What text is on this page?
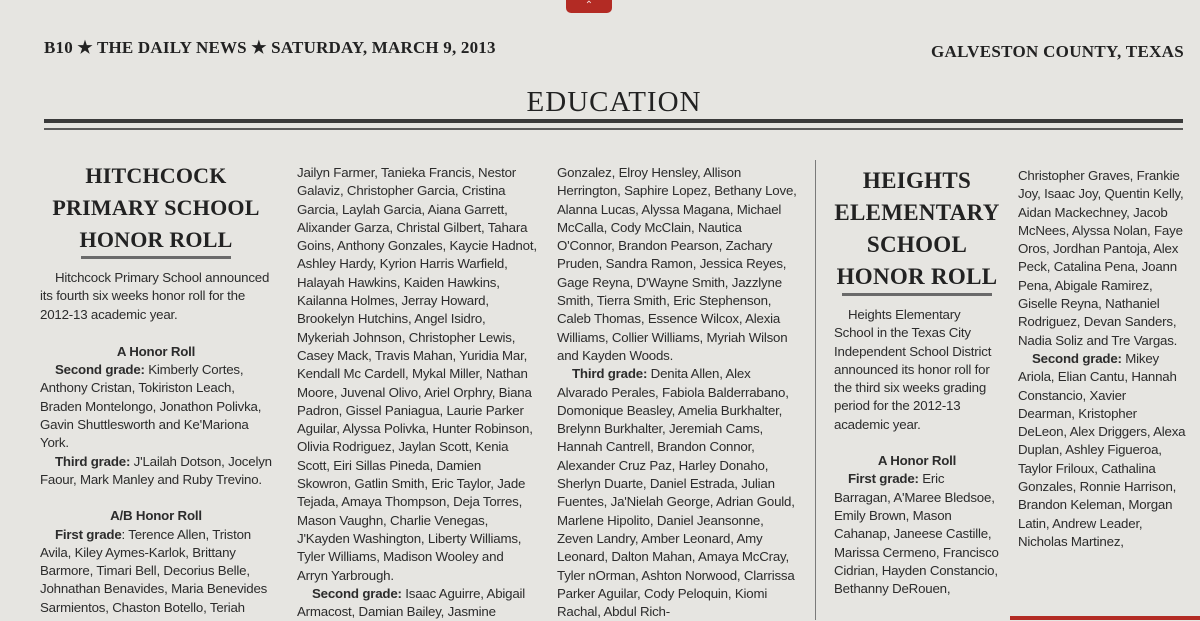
⌃
B10 ★ THE DAILY NEWS ★ SATURDAY, MARCH 9, 2013	GALVESTON COUNTY, TEXAS
EDUCATION
HITCHCOCK
PRIMARY SCHOOL
HONOR ROLL

Hitchcock Primary School announced its fourth six weeks honor roll for the 2012-13 academic year.

A Honor Roll

Second grade: Kimberly Cortes, Anthony Cristan, Tokiriston Leach, Braden Montelongo, Jonathon Polivka, Gavin Shuttlesworth and Ke'Mariona York.

Third grade: J'Lailah Dotson, Jocelyn Faour, Mark Manley and Ruby Trevino.

A/B Honor Roll

First grade: Terence Allen, Triston Avila, Kiley Aymes-Karlok, Brittany Barmore, Timari Bell, Decorius Belle, Johnathan Benavides, Maria Benevides Sarmientos, Chaston Botello, Teriah

Jailyn Farmer, Tanieka Francis, Nestor Galaviz, Christopher Garcia, Cristina Garcia, Laylah Garcia, Aiana Garrett, Alixander Garza, Christal Gilbert, Tahara Goins, Anthony Gonzales, Kaycie Hadnot, Ashley Hardy, Kyrion Harris Warfield, Halayah Hawkins, Kaiden Hawkins, Kailanna Holmes, Jerray Howard, Brookelyn Hutchins, Angel Isidro, Mykeriah Johnson, Christopher Lewis, Casey Mack, Travis Mahan, Yuridia Mar, Kendall Mc Cardell, Mykal Miller, Nathan Moore, Juvenal Olivo, Ariel Orphry, Biana Padron, Gissel Paniagua, Laurie Parker Aguilar, Alyssa Polivka, Hunter Robinson, Olivia Rodriguez, Jaylan Scott, Kenia Scott, Eiri Sillas Pineda, Damien Skowron, Gatlin Smith, Eric Taylor, Jade Tejada, Amaya Thompson, Deja Torres, Mason Vaughn, Charlie Venegas, J'Kayden Washington, Liberty Williams, Tyler Williams, Madison Wooley and Arryn Yarbrough.

Second grade: Isaac Aguirre, Abigail Armacost, Damian Bailey, Jasmine

Gonzalez, Elroy Hensley, Allison Herrington, Saphire Lopez, Bethany Love, Alanna Lucas, Alyssa Magana, Michael McCalla, Cody McClain, Nautica O'Connor, Brandon Pearson, Zachary Pruden, Sandra Ramon, Jessica Reyes, Gage Reyna, D'Wayne Smith, Jazzlyne Smith, Tierra Smith, Eric Stephenson, Caleb Thomas, Essence Wilcox, Alexia Williams, Collier Williams, Myriah Wilson and Kayden Woods.

Third grade: Denita Allen, Alex Alvarado Perales, Fabiola Balderrabano, Domonique Beasley, Amelia Burkhalter, Brelynn Burkhalter, Jeremiah Cams, Hannah Cantrell, Brandon Connor, Alexander Cruz Paz, Harley Donaho, Sherlyn Duarte, Daniel Estrada, Julian Fuentes, Ja'Nielah George, Adrian Gould, Marlene Hipolito, Daniel Jeansonne, Zeven Landry, Amber Leonard, Amy Leonard, Dalton Mahan, Amaya McCray, Tyler nOrman, Ashton Norwood, Clarrissa Parker Aguilar, Cody Peloquin, Kiomi Rachal, Abdul Rich-

HEIGHTS
ELEMENTARY
SCHOOL
HONOR ROLL

Heights Elementary School in the Texas City Independent School District announced its honor roll for the third six weeks grading period for the 2012-13 academic year.

A Honor Roll

First grade: Eric Barragan, A'Maree Bledsoe, Emily Brown, Mason Cahanap, Janeese Castille, Marissa Cermeno, Francisco Cidrian, Hayden Constancio, Bethanny DeRouen,

Christopher Graves, Frankie Joy, Isaac Joy, Quentin Kelly, Aidan Mackechney, Jacob McNees, Alyssa Nolan, Faye Oros, Jordhan Pantoja, Alex Peck, Catalina Pena, Joann Pena, Abigale Ramirez, Giselle Reyna, Nathaniel Rodriguez, Devan Sanders, Nadia Soliz and Tre Vargas.

Second grade: Mikey Ariola, Elian Cantu, Hannah Constancio, Xavier Dearman, Kristopher DeLeon, Alex Driggers, Alexa Duplan, Ashley Figueroa, Taylor Friloux, Cathalina Gonzales, Ronnie Harrison, Brandon Keleman, Morgan Latin, Andrew Leader, Nicholas Martinez,
